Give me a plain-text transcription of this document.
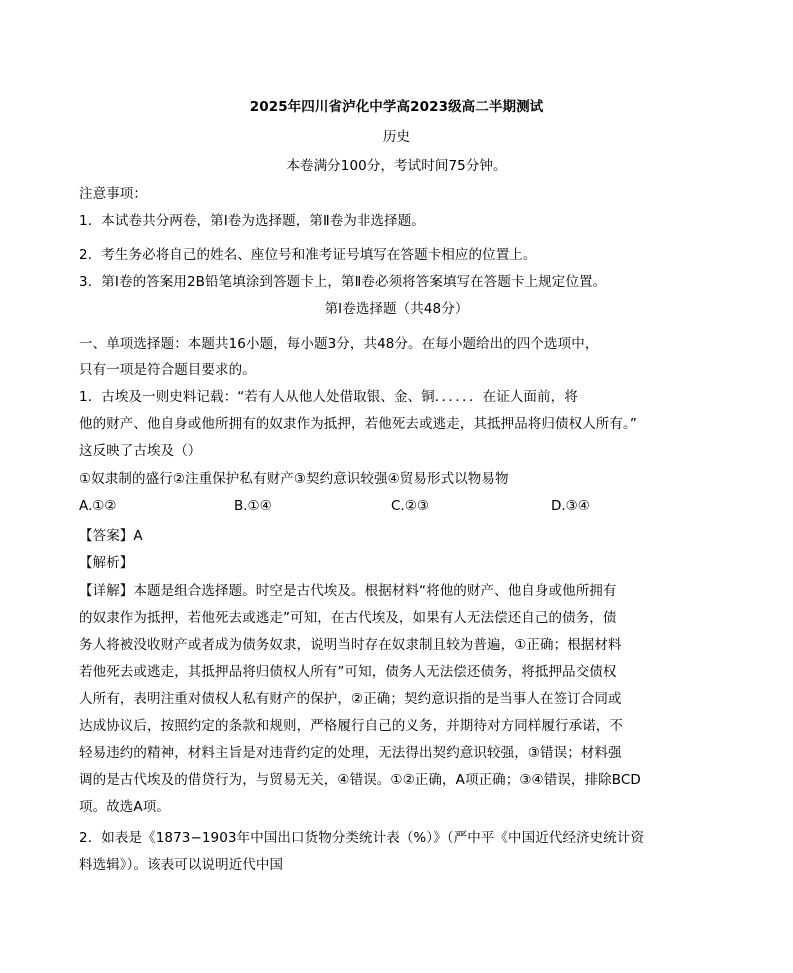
2025年四川省泸化中学高2023级高二半期测试
历史
本卷满分100分，考试时间75分钟。
注意事项：
1．本试卷共分两卷，第Ⅰ卷为选择题，第Ⅱ卷为非选择题。
2．考生务必将自己的姓名、座位号和准考证号填写在答题卡相应的位置上。
3．第Ⅰ卷的答案用2B铅笔填涂到答题卡上，第Ⅱ卷必须将答案填写在答题卡上规定位置。
第Ⅰ卷选择题（共48分）
一、单项选择题：本题共16小题，每小题3分，共48分。在每小题给出的四个选项中，
只有一项是符合题目要求的。
1．古埃及一则史料记载：“若有人从他人处借取银、金、铜．．．．．．在证人面前，将
他的财产、他自身或他所拥有的奴隶作为抵押，若他死去或逃走，其抵押品将归债权人所有。”
这反映了古埃及（）
①奴隶制的盛行②注重保护私有财产③契约意识较强④贸易形式以物易物
A.①②	B.①④	C.②③	D.③④
【答案】A
【解析】
【详解】本题是组合选择题。时空是古代埃及。根据材料“将他的财产、他自身或他所拥有
的奴隶作为抵押，若他死去或逃走”可知，在古代埃及，如果有人无法偿还自己的债务，债
务人将被没收财产或者成为债务奴隶，说明当时存在奴隶制且较为普遍，①正确；根据材料
若他死去或逃走，其抵押品将归债权人所有”可知，债务人无法偿还债务，将抵押品交债权
人所有，表明注重对债权人私有财产的保护，②正确；契约意识指的是当事人在签订合同或
达成协议后，按照约定的条款和规则，严格履行自己的义务，并期待对方同样履行承诺，不
轻易违约的精神，材料主旨是对违背约定的处理，无法得出契约意识较强，③错误；材料强
调的是古代埃及的借贷行为，与贸易无关，④错误。①②正确，A项正确；③④错误，排除BCD
项。故选A项。
2．如表是《1873−1903年中国出口货物分类统计表（%）》（严中平《中国近代经济史统计资
料选辑》）。该表可以说明近代中国
